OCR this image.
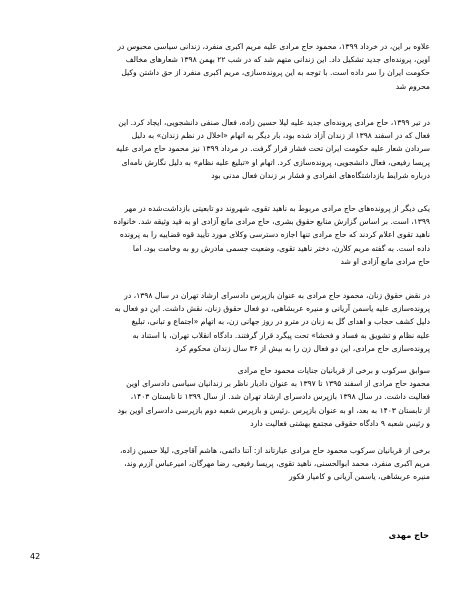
علاوه بر این، در خرداد ۱۳۹۹، محمود حاج مرادی علیه مریم اکبری منفرد، زندانی سیاسی محبوس در
اوین، پرونده‌ای جدید تشکیل داد. این زندانی متهم شد که در شب ۲۲ بهمن ۱۳۹۸ شعارهای مخالف
حکومت ایران را سر داده است. با توجه به این پرونده‌سازی، مریم اکبری منفرد از حق داشتن وکیل
محروم شد
در تیر ۱۳۹۹، حاج مرادی پرونده‌ای جدید علیه لیلا حسین زاده، فعال صنفی دانشجویی، ایجاد کرد. این
فعال که در اسفند ۱۳۹۸ از زندان آزاد شده بود، بار دیگر به اتهام «اخلال در نظم زندان» به دلیل
سردادن شعار علیه حکومت ایران تحت فشار قرار گرفت. در مرداد ۱۳۹۹ نیز محمود حاج مرادی علیه
پریسا رفیعی، فعال دانشجویی، پرونده‌سازی کرد. اتهام او «تبلیغ علیه نظام» به دلیل نگارش نامه‌ای
درباره شرایط بازداشتگاه‌های انفرادی و فشار بر زندان فعال مدنی بود
یکی دیگر از پرونده‌های حاج مرادی مربوط به ناهید تقوی، شهروند دو تابعیتی بازداشت‌شده در مهر
۱۳۹۹، است. بر اساس گزارش منابع حقوق بشری، حاج مرادی مانع آزادی او به قید وثیقه شد. خانواده
ناهید تقوی اعلام کردند که حاج مرادی تنها اجازه دسترسی وکلای مورد تأیید قوه قضاییه را به پرونده
داده است. به گفته مریم کلارن، دختر ناهید تقوی، وضعیت جسمی مادرش رو به وخامت بود، اما
حاج مرادی مانع آزادی او شد
در نقض حقوق زنان، محمود حاج مرادی به عنوان بازپرس دادسرای ارشاد تهران در سال ۱۳۹۸، در
پرونده‌سازی علیه یاسمن آریانی و منیره عربشاهی، دو فعال حقوق زنان، نقش داشت. این دو فعال به
دلیل کشف حجاب و اهدای گل به زنان در مترو در روز جهانی زن، به اتهام «اجتماع و تبانی، تبلیغ
علیه نظام و تشویق به فساد و فحشا» تحت پیگرد قرار گرفتند. دادگاه انقلاب تهران، با استناد به
پرونده‌سازی حاج مرادی، این دو فعال زن را به بیش از ۳۶ سال زندان محکوم کرد
سوابق سرکوب و برخی از قربانیان جنایات محمود حاج مرادی
محمود حاج مرادی از اسفند ۱۳۹۵ تا ۱۳۹۷ به عنوان دادیار ناظر بر زندانیان سیاسی دادسرای اوین
فعالیت داشت. در سال ۱۳۹۸ بازپرس دادسرای ارشاد تهران شد. از سال ۱۳۹۹ تا تابستان ۱۴۰۳،
از تابستان ۱۴۰۳ به بعد، او به عنوان بازپرس .رئیس و بازپرس شعبه دوم بازپرسی دادسرای اوین بود
و رئیس شعبه ۹ دادگاه حقوقی مجتمع بهشتی فعالیت دارد
برخی از قربانیان سرکوب محمود حاج مرادی عبارتاند از: آتنا دائمی، هاشم آقاجری، لیلا حسین زاده،
مریم اکبری منفرد، محمد ابوالحسنی، ناهید تقوی، پریسا رفیعی، رضا مهرگان، امیرعباس آزرم وند،
منیره عربشاهی، یاسمن آریانی و کامیار فکور
حاج مهدی
42
